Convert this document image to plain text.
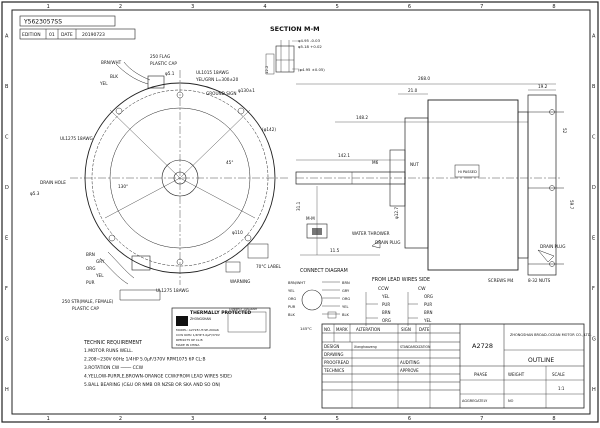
1
1
2
2
3
3
4
4
5
5
6
6
7
7
8
8
A	A
B	B
C	C
D	D
E	E
F	F
G	G
H	H
Y5623057SS
EDITION 01 DATE 20190723
SECTION M-M
12.2
φ4.95 -0.03
φ5.18 +0.02
(φ4.95 ±0.05)
250 FLAG
PLASTIC CAP
BRN/WHT
BLK
YEL
UL1015 18AWG
YEL/GRN L=300±20
GROUND SIGN
φ5.1
UL1275 18AWG
DRAIN HOLE
φ5.3
φ130±1
(φ142)
φ110
45°
130°
WARNING
70°C LABEL
UL1275 18AWG
250 STR(MALE, FEMALE)
PLASTIC CAP
BRN
GRY
ORG
YEL
PUR
Hi PASSED
268.0
21.0
19.2
148.2
142.1
M6	NUT
M-M
11.5
31.1
φ12.7
WATER THROWER
DRAIN PLUG
DRAIN PLUG
SCREWS M4	8-32 NUTS
52
59.7
THERMALLY PROTECTED
ZHONGSHAN
MODEL: A2728 UT-SE-200A6
CCW 60Hz 1/4HP 5.0μF/370V
RPM1075 6P CL:B
MADE IN CHINA
CONNECT DIAGRAM
CONNECT DIAGRAM
145°C
BRN/WHT
YEL
ORG
PUR
BLK
BRN
GRY
ORG
YEL
BLK
FROM LEAD WIRES SIDE
CCW	CW
YEL
PUR
BRN
ORG
ORG
PUR
BRN
YEL
TECHNIC REQUIREMENT
1.MOTOR RUNS WELL.
2.208~230V 60Hz 1/4HP 5.0μF/370V RPM1075 6P CL:B
3.ROTATION CW ──── CCW
4.YELLOW-PURPLE,BROWN-ORANGE CCW(FROM LEAD WIRES SIDE)
5.BALL BEARING (C&U OR NMB OR NZSB OR SKA AND SO ON)
NO. MARK ALTERATION	SIGN DATE
DESIGN	Xianghaozeng	STANDARDIZATION
DRAWING
PROOFREAD	AUDITING
TECHNICS	APPROVE
A2728
ZHONGSHAN BROAD-OCEAN MOTOR CO., LTD.
OUTLINE
PHASE	WEIGHT	SCALE
1:1
AGGREGATELY	NO
